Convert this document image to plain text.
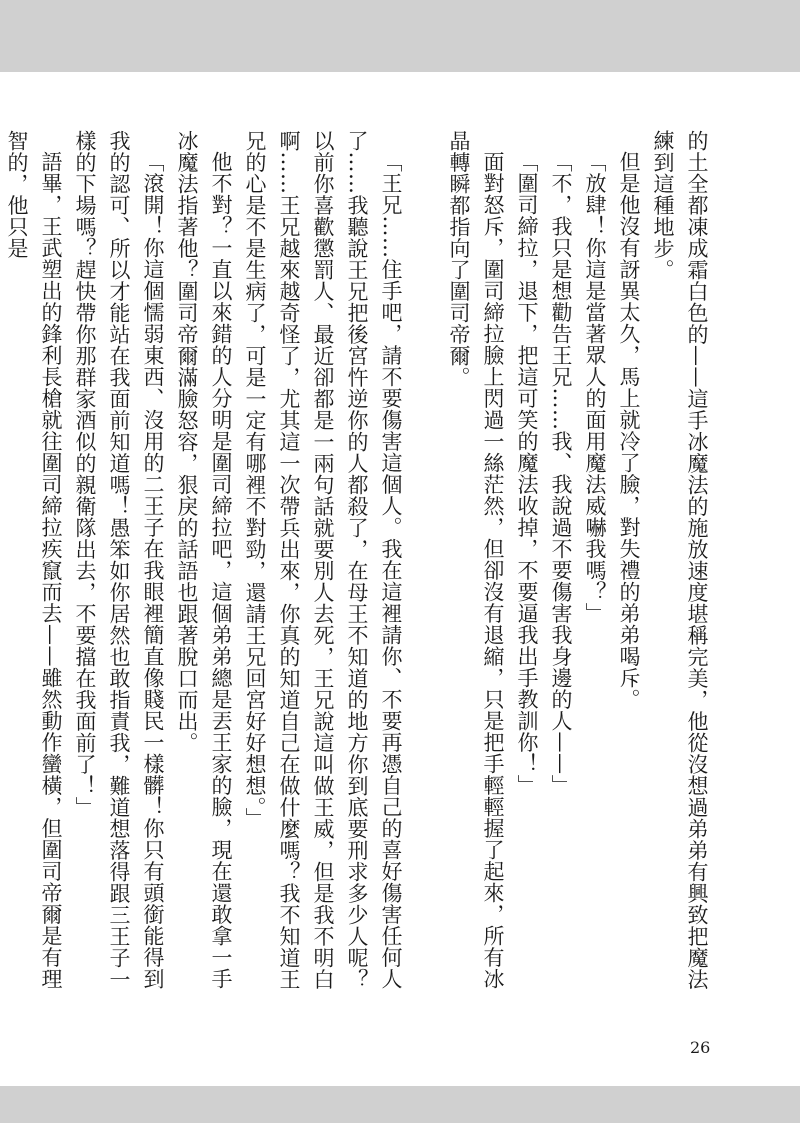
的土全都凍成霜白色的——這手冰魔法的施放速度堪稱完美，他從沒想過弟弟有興致把魔法練到這種地步。

但是他沒有訝異太久，馬上就冷了臉，對失禮的弟弟喝斥。

「放肆！你這是當著眾人的面用魔法威嚇我嗎？」

「不，我只是想勸告王兄……我、我說過不要傷害我身邊的人——」

「圍司締拉，退下，把這可笑的魔法收掉，不要逼我出手教訓你！」

面對怒斥，圍司締拉臉上閃過一絲茫然，但卻沒有退縮，只是把手輕輕握了起來，所有冰晶轉瞬都指向了圍司帝爾。

「王兄……住手吧，請不要傷害這個人。我在這裡請你、不要再憑自己的喜好傷害任何人了……我聽說王兄把後宮忤逆你的人都殺了，在母王不知道的地方你到底要刑求多少人呢？以前你喜歡懲罰人、最近卻都是一兩句話就要別人去死，王兄說這叫做王威，但是我不明白啊……王兄越來越奇怪了，尤其這一次帶兵出來，你真的知道自己在做什麼嗎？我不知道王兄的心是不是生病了，可是一定有哪裡不對勁，還請王兄回宮好好想想。」

他不對？一直以來錯的人分明是圍司締拉吧，這個弟弟總是丟王家的臉，現在還敢拿一手冰魔法指著他？圍司帝爾滿臉怒容，狠戾的話語也跟著脫口而出。

「滾開！你這個懦弱東西、沒用的二王子在我眼裡簡直像賤民一樣髒！你只有頭銜能得到我的認可、所以才能站在我面前知道嗎！愚笨如你居然也敢指責我，難道想落得跟三王子一樣的下場嗎？趕快帶你那群家酒似的親衛隊出去，不要擋在我面前了！」

語畢，王武塑出的鋒利長槍就往圍司締拉疾竄而去——雖然動作蠻橫，但圍司帝爾是有理智的，他只是

26
